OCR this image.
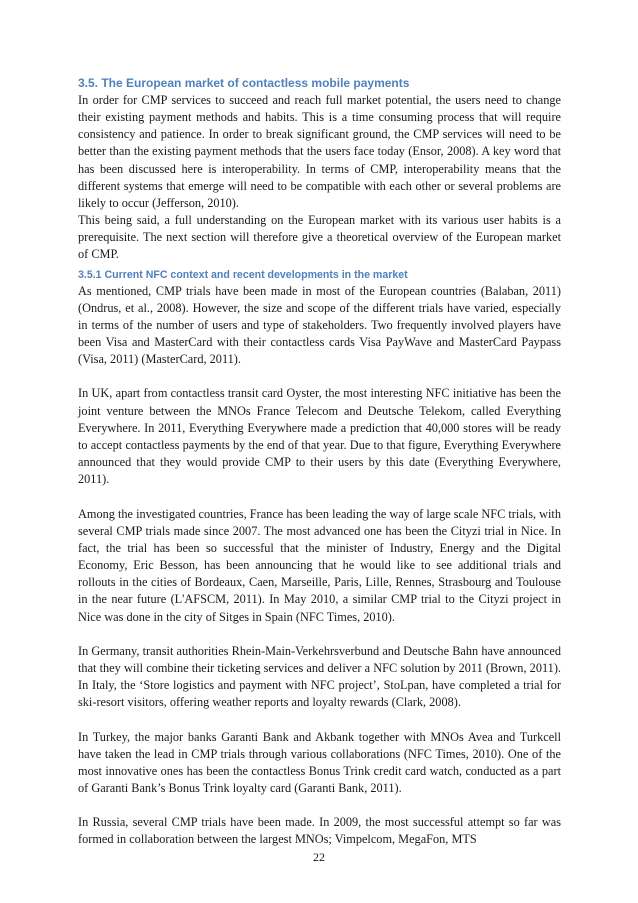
3.5. The European market of contactless mobile payments

In order for CMP services to succeed and reach full market potential, the users need to change their existing payment methods and habits. This is a time consuming process that will require consistency and patience. In order to break significant ground, the CMP services will need to be better than the existing payment methods that the users face today (Ensor, 2008). A key word that has been discussed here is interoperability. In terms of CMP, interoperability means that the different systems that emerge will need to be compatible with each other or several problems are likely to occur (Jefferson, 2010).

This being said, a full understanding on the European market with its various user habits is a prerequisite. The next section will therefore give a theoretical overview of the European market of CMP.

3.5.1 Current NFC context and recent developments in the market

As mentioned, CMP trials have been made in most of the European countries (Balaban, 2011) (Ondrus, et al., 2008). However, the size and scope of the different trials have varied, especially in terms of the number of users and type of stakeholders. Two frequently involved players have been Visa and MasterCard with their contactless cards Visa PayWave and MasterCard Paypass (Visa, 2011) (MasterCard, 2011).

In UK, apart from contactless transit card Oyster, the most interesting NFC initiative has been the joint venture between the MNOs France Telecom and Deutsche Telekom, called Everything Everywhere. In 2011, Everything Everywhere made a prediction that 40,000 stores will be ready to accept contactless payments by the end of that year. Due to that figure, Everything Everywhere announced that they would provide CMP to their users by this date (Everything Everywhere, 2011).

Among the investigated countries, France has been leading the way of large scale NFC trials, with several CMP trials made since 2007. The most advanced one has been the Cityzi trial in Nice. In fact, the trial has been so successful that the minister of Industry, Energy and the Digital Economy, Eric Besson, has been announcing that he would like to see additional trials and rollouts in the cities of Bordeaux, Caen, Marseille, Paris, Lille, Rennes, Strasbourg and Toulouse in the near future (L'AFSCM, 2011). In May 2010, a similar CMP trial to the Cityzi project in Nice was done in the city of Sitges in Spain (NFC Times, 2010).

In Germany, transit authorities Rhein-Main-Verkehrsverbund and Deutsche Bahn have announced that they will combine their ticketing services and deliver a NFC solution by 2011 (Brown, 2011). In Italy, the ‘Store logistics and payment with NFC project’, StoLpan, have completed a trial for ski-resort visitors, offering weather reports and loyalty rewards (Clark, 2008).

In Turkey, the major banks Garanti Bank and Akbank together with MNOs Avea and Turkcell have taken the lead in CMP trials through various collaborations (NFC Times, 2010). One of the most innovative ones has been the contactless Bonus Trink credit card watch, conducted as a part of Garanti Bank’s Bonus Trink loyalty card (Garanti Bank, 2011).

In Russia, several CMP trials have been made. In 2009, the most successful attempt so far was formed in collaboration between the largest MNOs; Vimpelcom, MegaFon, MTS

22
